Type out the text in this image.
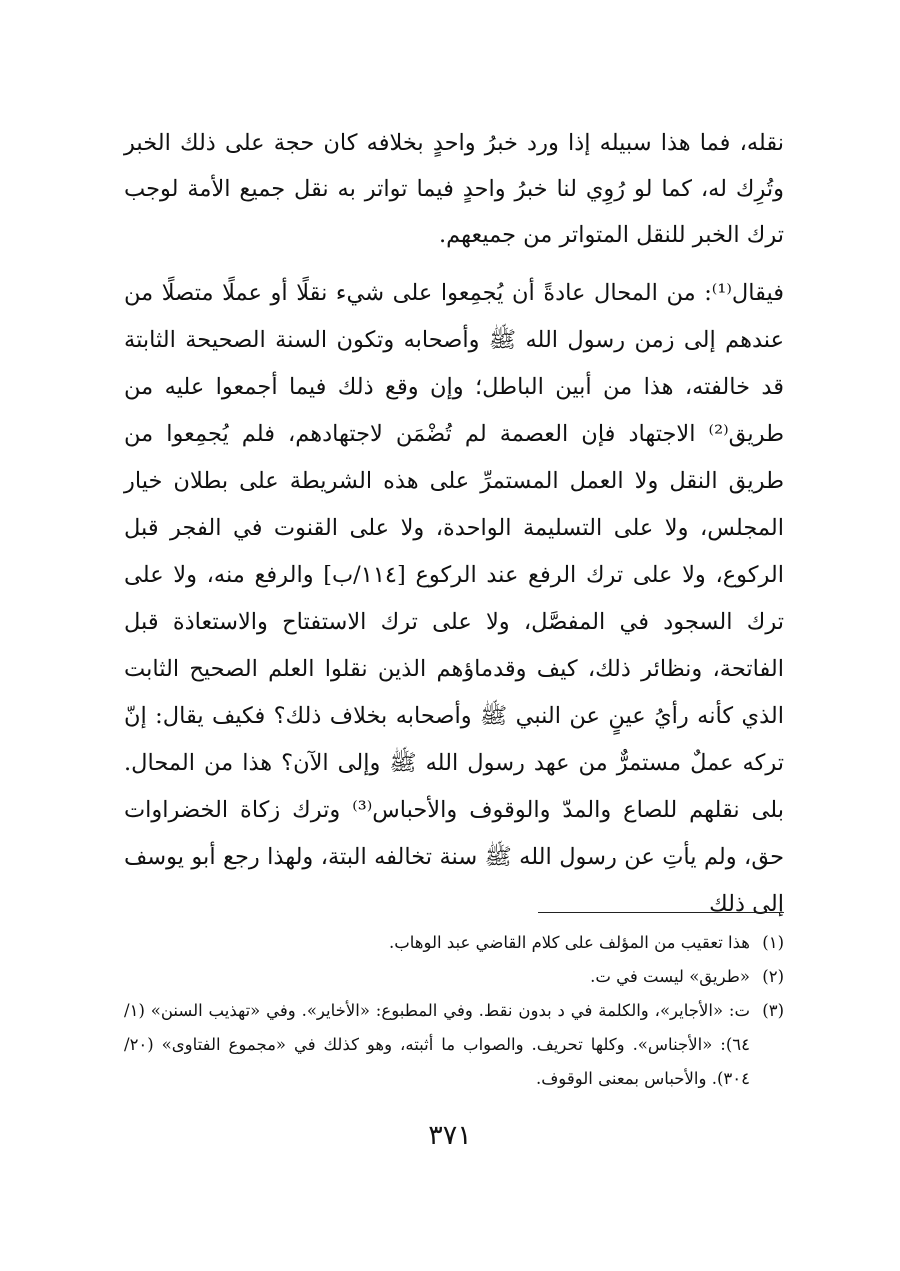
نقله، فما هذا سبيله إذا ورد خبرُ واحدٍ بخلافه كان حجة على ذلك الخبر وتُرِك له، كما لو رُوِي لنا خبرُ واحدٍ فيما تواتر به نقل جميع الأمة لوجب ترك الخبر للنقل المتواتر من جميعهم.

فيقال⁽¹⁾: من المحال عادةً أن يُجمِعوا على شيء نقلًا أو عملًا متصلًا من عندهم إلى زمن رسول الله ﷺ وأصحابه وتكون السنة الصحيحة الثابتة قد خالفته، هذا من أبين الباطل؛ وإن وقع ذلك فيما أجمعوا عليه من طريق⁽²⁾ الاجتهاد فإن العصمة لم تُضْمَن لاجتهادهم، فلم يُجمِعوا من طريق النقل ولا العمل المستمرِّ على هذه الشريطة على بطلان خيار المجلس، ولا على التسليمة الواحدة، ولا على القنوت في الفجر قبل الركوع، ولا على ترك الرفع عند الركوع [١١٤/ب] والرفع منه، ولا على ترك السجود في المفصَّل، ولا على ترك الاستفتاح والاستعاذة قبل الفاتحة، ونظائر ذلك، كيف وقدماؤهم الذين نقلوا العلم الصحيح الثابت الذي كأنه رأيُ عينٍ عن النبي ﷺ وأصحابه بخلاف ذلك؟ فكيف يقال: إنّ تركه عملٌ مستمرٌّ من عهد رسول الله ﷺ وإلى الآن؟ هذا من المحال. بلى نقلهم للصاع والمدّ والوقوف والأحباس⁽³⁾ وترك زكاة الخضراوات حق، ولم يأتِ عن رسول الله ﷺ سنة تخالفه البتة، ولهذا رجع أبو يوسف إلى ذلك

(١)
هذا تعقيب من المؤلف على كلام القاضي عبد الوهاب.
(٢)
«طريق» ليست في ت.
(٣)
ت: «الأجاير»، والكلمة في د بدون نقط. وفي المطبوع: «الأخاير». وفي «تهذيب السنن» (١/ ٦٤): «الأجناس». وكلها تحريف. والصواب ما أثبته، وهو كذلك في «مجموع الفتاوى» (٢٠/ ٣٠٤). والأحباس بمعنى الوقوف.
٣٧١
